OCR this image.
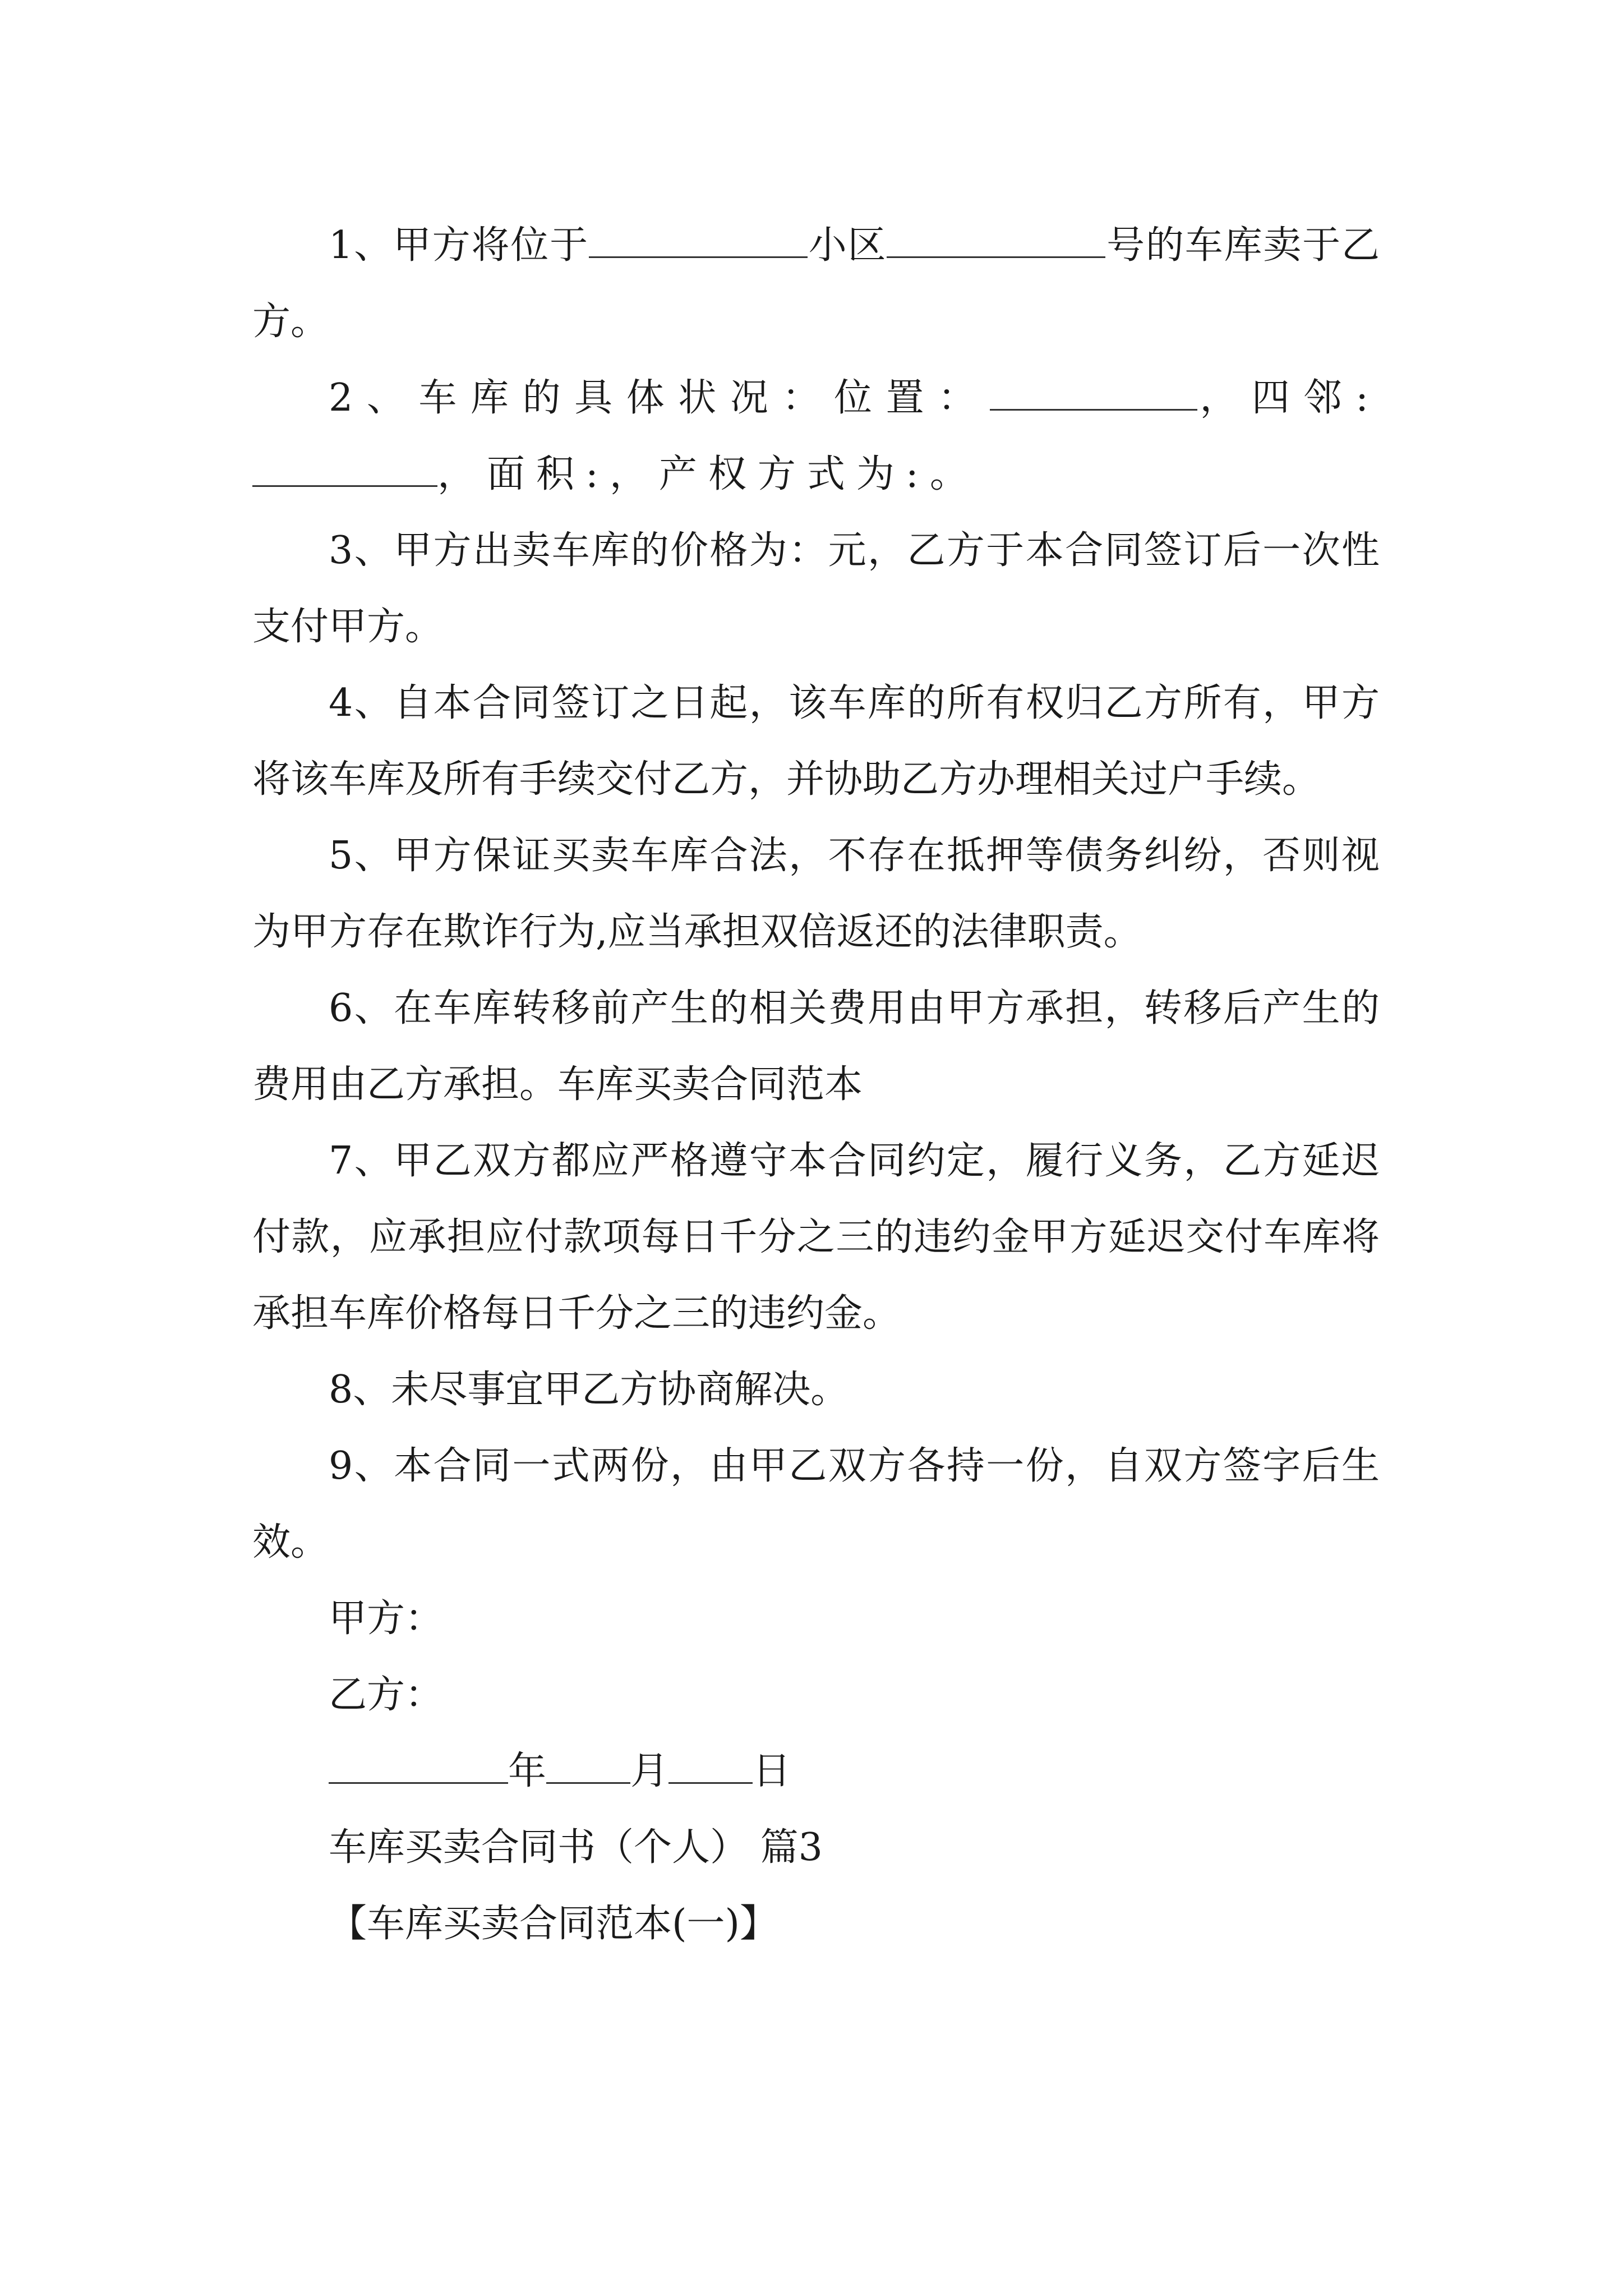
1、甲方将位于	小区	号的车库卖于乙方。

2、车库的具体状况：位置：	，四邻:，面积:，产权方式为:。

3、甲方出卖车库的价格为：元，乙方于本合同签订后一次性支付甲方。

4、自本合同签订之日起，该车库的所有权归乙方所有，甲方将该车库及所有手续交付乙方，并协助乙方办理相关过户手续。

5、甲方保证买卖车库合法，不存在抵押等债务纠纷，否则视为甲方存在欺诈行为,应当承担双倍返还的法律职责。

6、在车库转移前产生的相关费用由甲方承担，转移后产生的费用由乙方承担。车库买卖合同范本

7、甲乙双方都应严格遵守本合同约定，履行义务，乙方延迟付款，应承担应付款项每日千分之三的违约金甲方延迟交付车库将承担车库价格每日千分之三的违约金。

8、未尽事宜甲乙方协商解决。

9、本合同一式两份，由甲乙双方各持一份，自双方签字后生效。

甲方：

乙方：

年 月 日

车库买卖合同书（个人） 篇3

【车库买卖合同范本(一)】
